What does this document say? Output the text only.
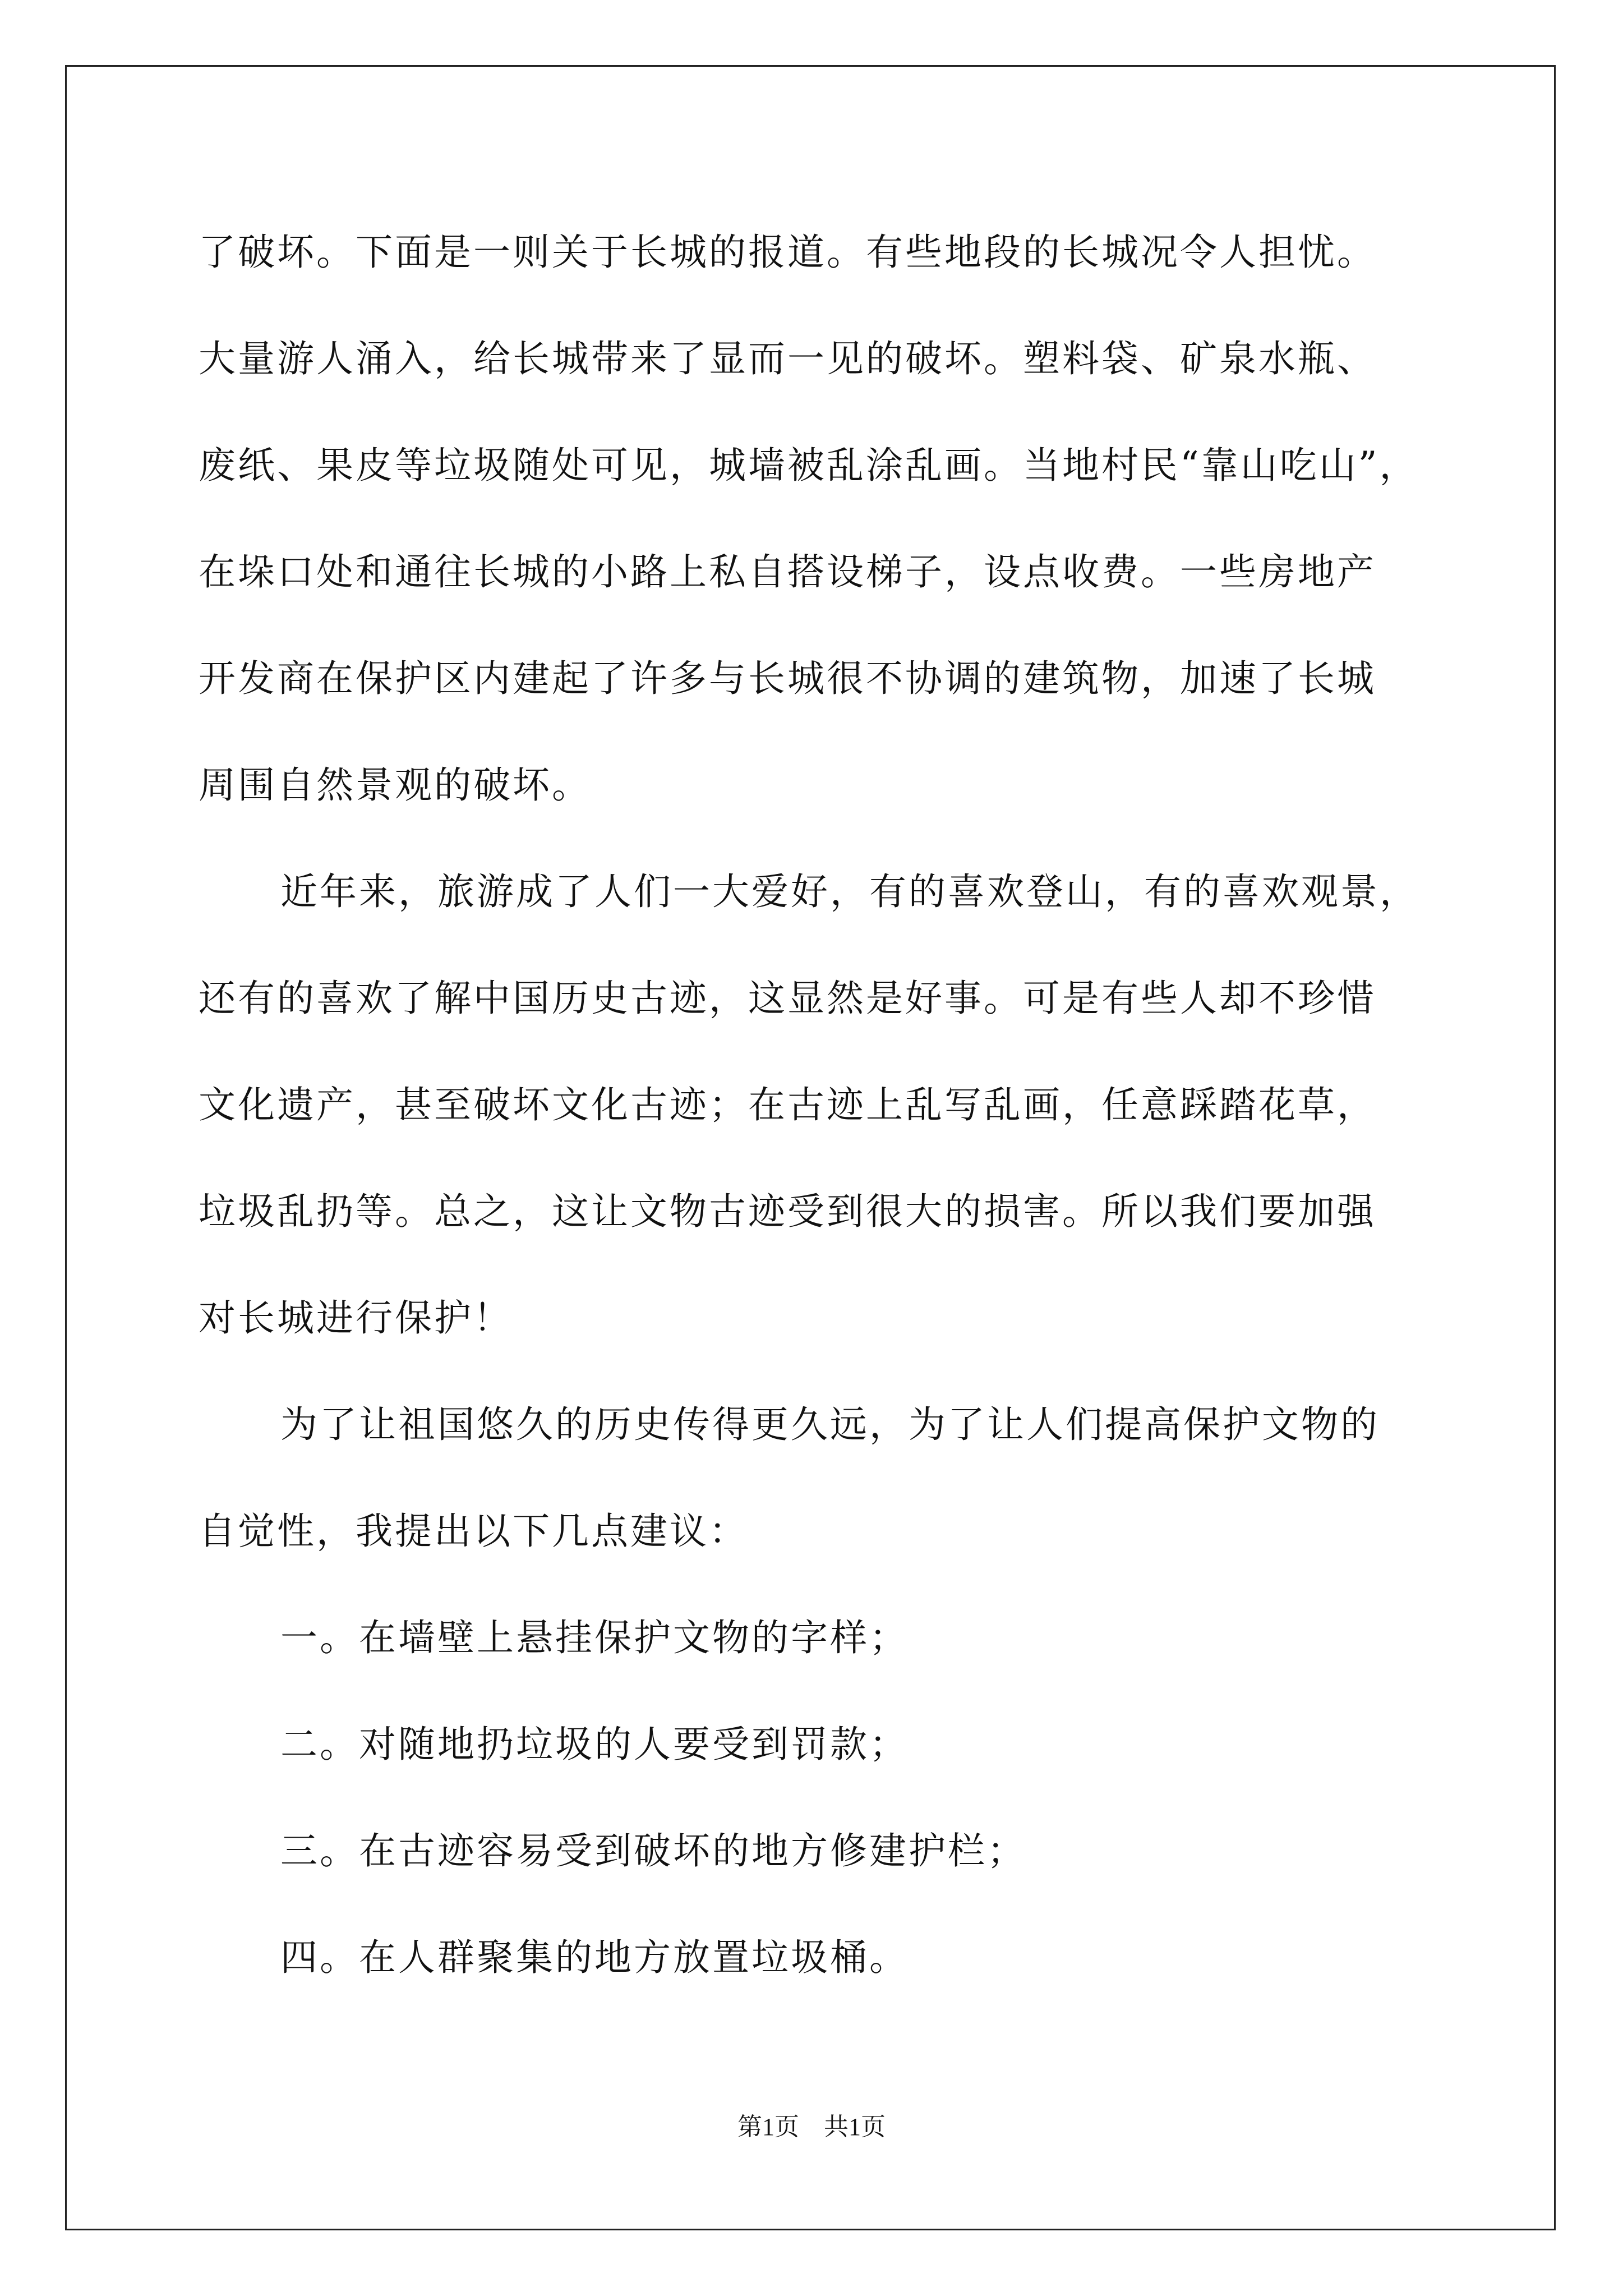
了破坏。下面是一则关于长城的报道。有些地段的长城况令人担忧。
大量游人涌入，给长城带来了显而一见的破坏。塑料袋、矿泉水瓶、
废纸、果皮等垃圾随处可见，城墙被乱涂乱画。当地村民“靠山吃山”，
在垛口处和通往长城的小路上私自搭设梯子，设点收费。一些房地产
开发商在保护区内建起了许多与长城很不协调的建筑物，加速了长城
周围自然景观的破坏。
近年来，旅游成了人们一大爱好，有的喜欢登山，有的喜欢观景，
还有的喜欢了解中国历史古迹，这显然是好事。可是有些人却不珍惜
文化遗产，甚至破坏文化古迹；在古迹上乱写乱画，任意踩踏花草，
垃圾乱扔等。总之，这让文物古迹受到很大的损害。所以我们要加强
对长城进行保护！
为了让祖国悠久的历史传得更久远，为了让人们提高保护文物的
自觉性，我提出以下几点建议：
一。在墙壁上悬挂保护文物的字样；
二。对随地扔垃圾的人要受到罚款；
三。在古迹容易受到破坏的地方修建护栏；
四。在人群聚集的地方放置垃圾桶。
第1页 共1页
